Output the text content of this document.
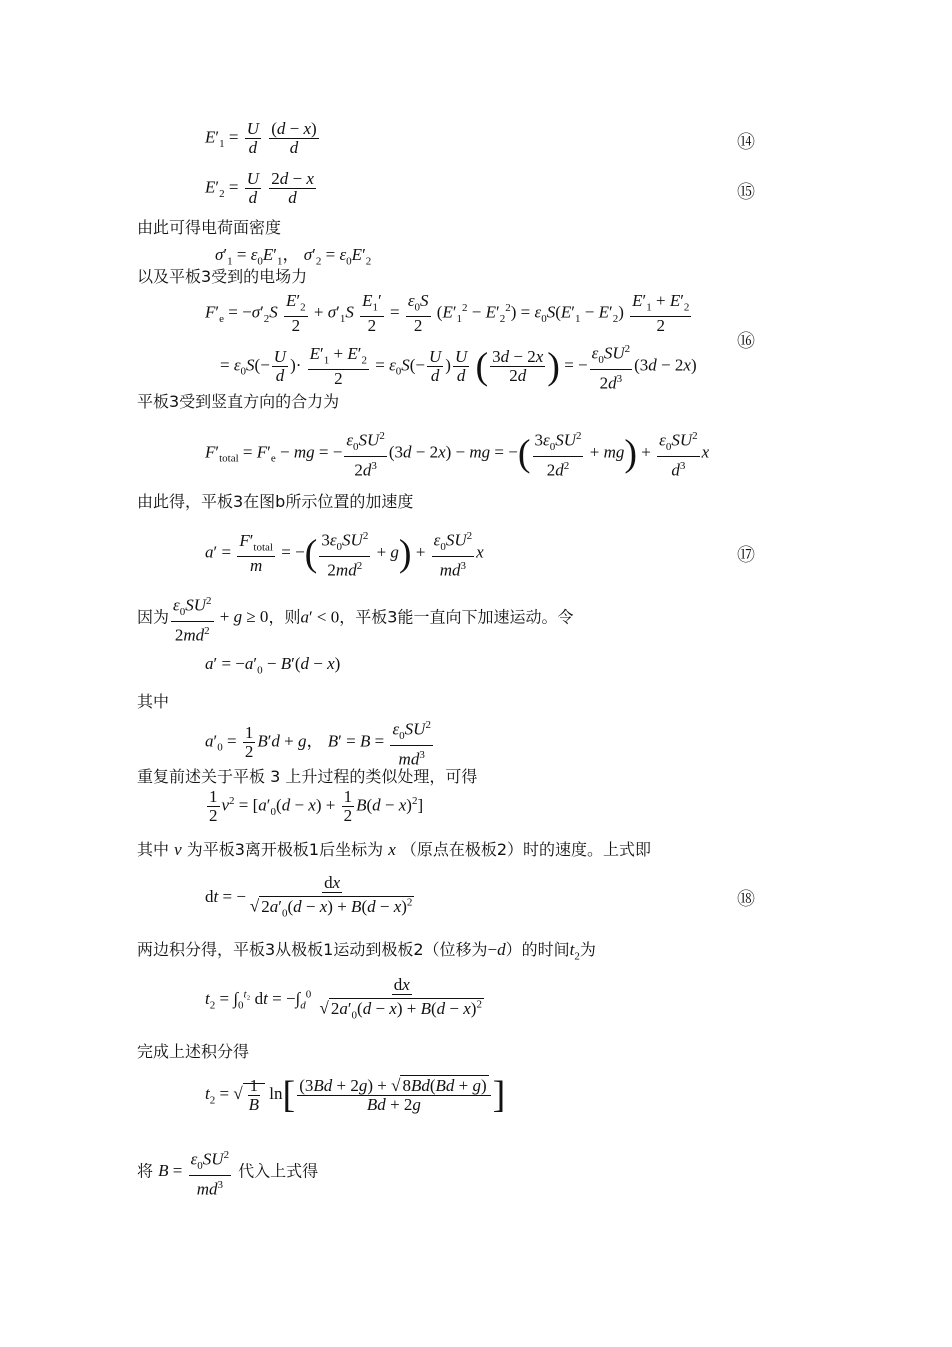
$E'_1 = \frac{U}{d}$
$\frac{(d - x)}{d}$	⑭
$E'_2 = \frac{U}{d}$
$\frac{2d - x}{d}$	⑮
由此可得电荷面密度
$\sigma'_1 = \varepsilon_0E'_1$， $\sigma'_2 = \varepsilon_0E'_2$
以及平板3受到的电场力
$F'_e = -\sigma'_2S \frac{E'_2}{2} + \sigma'_1S \frac{E_1'}{2} = \frac{\varepsilon_0S}{2} (E'_1^2 - E'_2^2) = \varepsilon_0S(E'_1 - E'_2) \frac{E'_1 + E'_2}{2}$
= $\varepsilon_0S(- \frac{U}{d}$ )· $\frac{E'_1 + E'_2}{2} = \varepsilon_0S(- \frac{U}{d}$ ) $\frac{U}{d}$ ( $\frac{3d - 2x}{2d}$ ) = − $\frac{\varepsilon_0SU^2}{2d^3} (3d - 2x)$
⑯
平板3受到竖直方向的合力为
$F'_{total} = F'_e$ − mg = − $\frac{\varepsilon_0SU^2}{2d^3} (3d - 2x)$ − mg = −( $\frac{3\varepsilon_0SU^2}{2d^2} + mg) + \frac{\varepsilon_0SU^2}{d^3}$ x
由此得，平板3在图b所示位置的加速度
$a' = \frac{F'_{total}}{m}$ = −( $\frac{3\varepsilon_0SU^2}{2md^2} + g) + \frac{\varepsilon_0SU^2}{md^3}$ x	⑰
因为 $\frac{\varepsilon_0SU^2}{2md^2} + g \ge 0$，则a′ < 0，平板3能一直向下加速运动。令
$a' = -a'_0 - B'(d - x)$
其中
$a'_0 = \frac{1}{2} B'd + g$， $B' = B = \frac{\varepsilon_0SU^2}{md^3}$
重复前述关于平板 3 上升过程的类似处理，可得
$\frac{1}{2} v^2 = [a'_0(d - x) + \frac{1}{2} B(d - x)^2]$
其中 v 为平板3离开极板1后坐标为 x （原点在极板2）时的速度。上式即
dt = − $\frac{dx}{√ 2a'_0(d - x) + B(d - x)^2}$	⑱
两边积分得，平板3从极板1运动到极板2（位移为−d）的时间$t_2$为
$t_2 = \int_0^{t_2}$ dt = $-\int_d^0 \frac{dx}{√ 2a'_0(d - x) + B(d - x)^2}$
完成上述积分得
$t_2$ = √ $\frac{1}{B} \ln[ \frac{(3Bd + 2g) + √ 8Bd(Bd + g)}{Bd + 2g}$ ]
将 $B = \frac{\varepsilon_0SU^2}{md^3}$ 代入上式得
